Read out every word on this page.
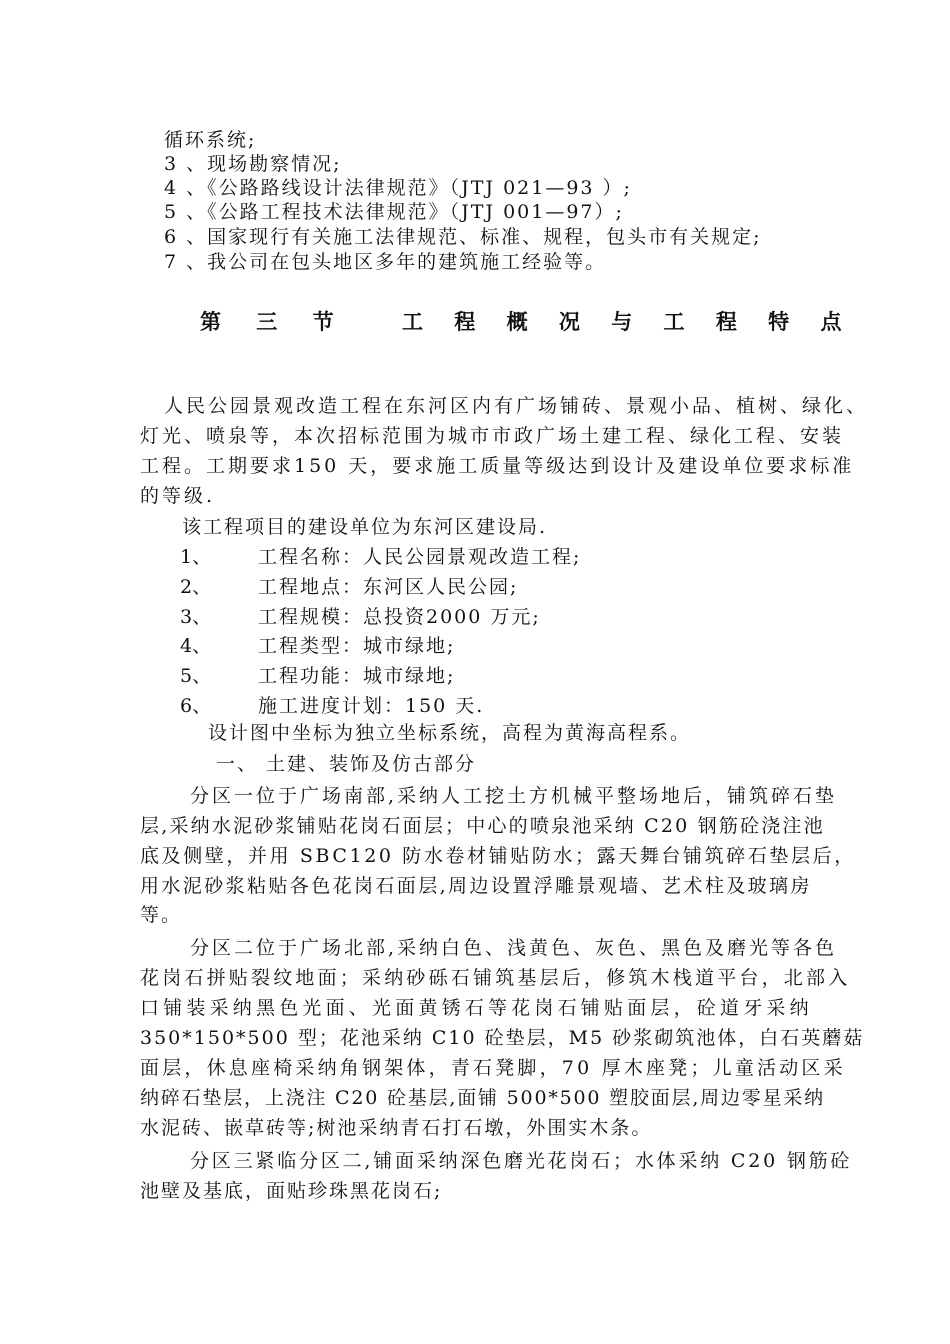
循环系统;
3 、现场勘察情况;
4 、《公路路线设计法律规范》（JTJ 021—93 ）;
5 、《公路工程技术法律规范》（JTJ 001—97）;
6 、国家现行有关施工法律规范、标准、规程，包头市有关规定;
7 、我公司在包头地区多年的建筑施工经验等。
第 三 节	工 程 概 况 与 工 程 特 点
人民公园景观改造工程在东河区内有广场铺砖、景观小品、植树、绿化、
灯光、喷泉等，本次招标范围为城市市政广场土建工程、绿化工程、安装
工程。工期要求150 天，要求施工质量等级达到设计及建设单位要求标准
的等级.
该工程项目的建设单位为东河区建设局.
1、 工程名称：人民公园景观改造工程;
2、 工程地点：东河区人民公园;
3、 工程规模：总投资2000 万元;
4、 工程类型：城市绿地;
5、 工程功能：城市绿地;
6、 施工进度计划：150 天.
设计图中坐标为独立坐标系统，高程为黄海高程系。
一、 土建、装饰及仿古部分
分区一位于广场南部,采纳人工挖土方机械平整场地后，铺筑碎石垫
层,采纳水泥砂浆铺贴花岗石面层；中心的喷泉池采纳 C20 钢筋砼浇注池
底及侧壁，并用 SBC120 防水卷材铺贴防水；露天舞台铺筑碎石垫层后，
用水泥砂浆粘贴各色花岗石面层,周边设置浮雕景观墙、艺术柱及玻璃房
等。
分区二位于广场北部,采纳白色、浅黄色、灰色、黑色及磨光等各色
花岗石拼贴裂纹地面；采纳砂砾石铺筑基层后，修筑木栈道平台，北部入
口铺装采纳黑色光面、光面黄锈石等花岗石铺贴面层，砼道牙采纳
350*150*500 型；花池采纳 C10 砼垫层，M5 砂浆砌筑池体，白石英蘑菇
面层，休息座椅采纳角钢架体，青石凳脚，70 厚木座凳；儿童活动区采
纳碎石垫层，上浇注 C20 砼基层,面铺 500*500 塑胶面层,周边零星采纳
水泥砖、嵌草砖等;树池采纳青石打石墩，外围实木条。
分区三紧临分区二,铺面采纳深色磨光花岗石；水体采纳 C20 钢筋砼
池壁及基底，面贴珍珠黑花岗石;
